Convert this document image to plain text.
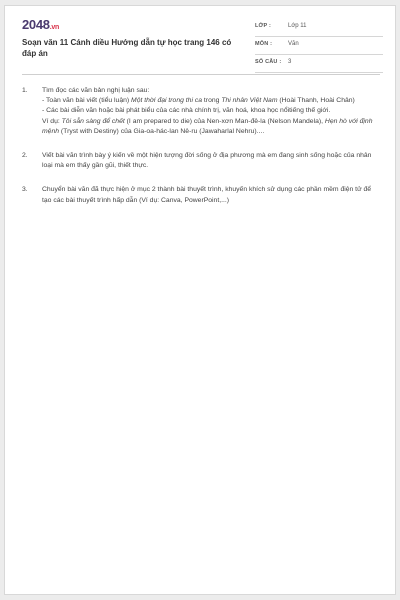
2048.vn
Soạn văn 11 Cánh diều Hướng dẫn tự học trang 146 có đáp án
LỚP :	Lớp 11
MÔN :	Văn
SỐ CÂU : 3
1. Tìm đọc các văn bản nghị luận sau:
- Toàn văn bài viết (tiểu luận) Một thời đại trong thi ca trong Thi nhân Việt Nam (Hoài Thanh, Hoài Chân)
- Các bài diễn văn hoặc bài phát biểu của các nhà chính trị, văn hoá, khoa học nổitiếng thế giới.
Ví dụ: Tôi sẵn sàng để chết (I am prepared to die) của Nen-xơn Man-đê-la (Nelson Mandela), Hẹn hò với định mệnh (Tryst with Destiny) của Gia-oa-hác-lan Nê-ru (Jawaharlal Nehru)....
2. Viết bài văn trình bày ý kiến về một hiện tượng đời sống ở địa phương mà em đang sinh sống hoặc của nhân loại mà em thấy gần gũi, thiết thực.
3. Chuyển bài văn đã thực hiện ở mục 2 thành bài thuyết trình, khuyến khích sử dụng các phần mềm điện tử để tạo các bài thuyết trình hấp dẫn (Ví dụ: Canva, PowerPoint,...)
